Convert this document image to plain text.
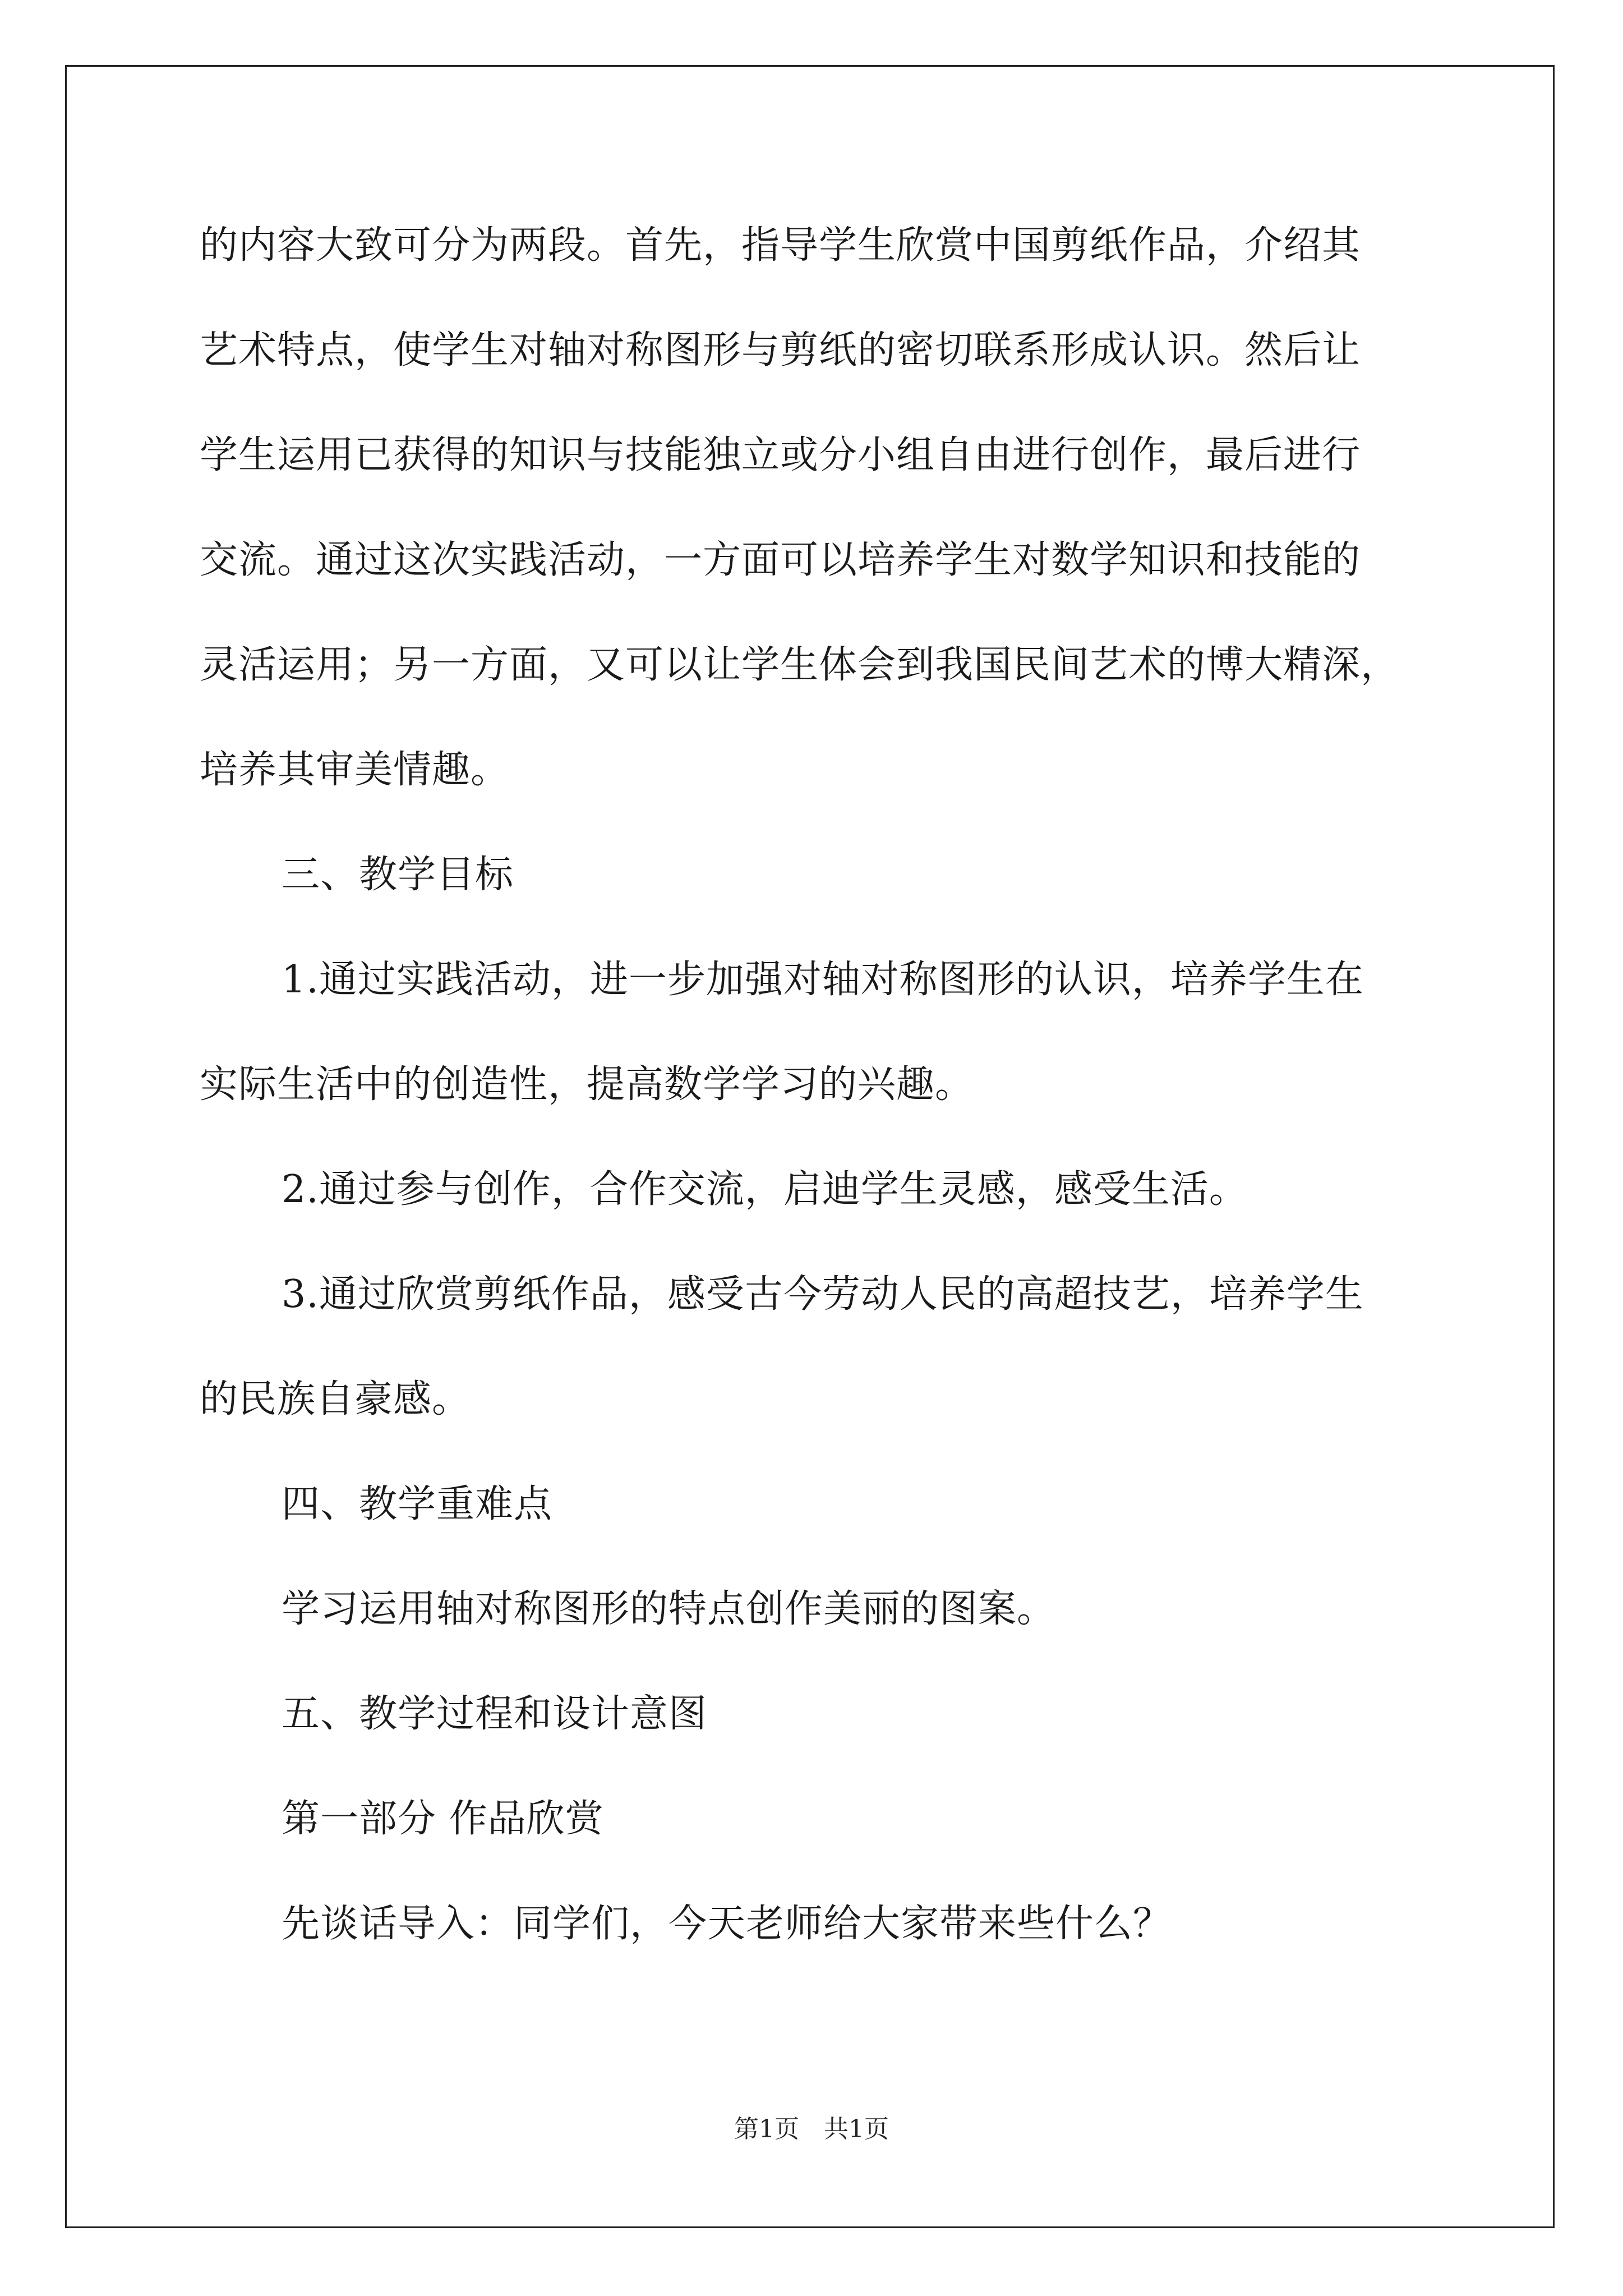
的内容大致可分为两段。首先，指导学生欣赏中国剪纸作品，介绍其
艺术特点，使学生对轴对称图形与剪纸的密切联系形成认识。然后让
学生运用已获得的知识与技能独立或分小组自由进行创作，最后进行
交流。通过这次实践活动，一方面可以培养学生对数学知识和技能的
灵活运用；另一方面，又可以让学生体会到我国民间艺术的博大精深，
培养其审美情趣。
三、教学目标
1.通过实践活动，进一步加强对轴对称图形的认识，培养学生在
实际生活中的创造性，提高数学学习的兴趣。
2.通过参与创作，合作交流，启迪学生灵感，感受生活。
3.通过欣赏剪纸作品，感受古今劳动人民的高超技艺，培养学生
的民族自豪感。
四、教学重难点
学习运用轴对称图形的特点创作美丽的图案。
五、教学过程和设计意图
第一部分 作品欣赏
先谈话导入：同学们，今天老师给大家带来些什么？
第1页　共1页
